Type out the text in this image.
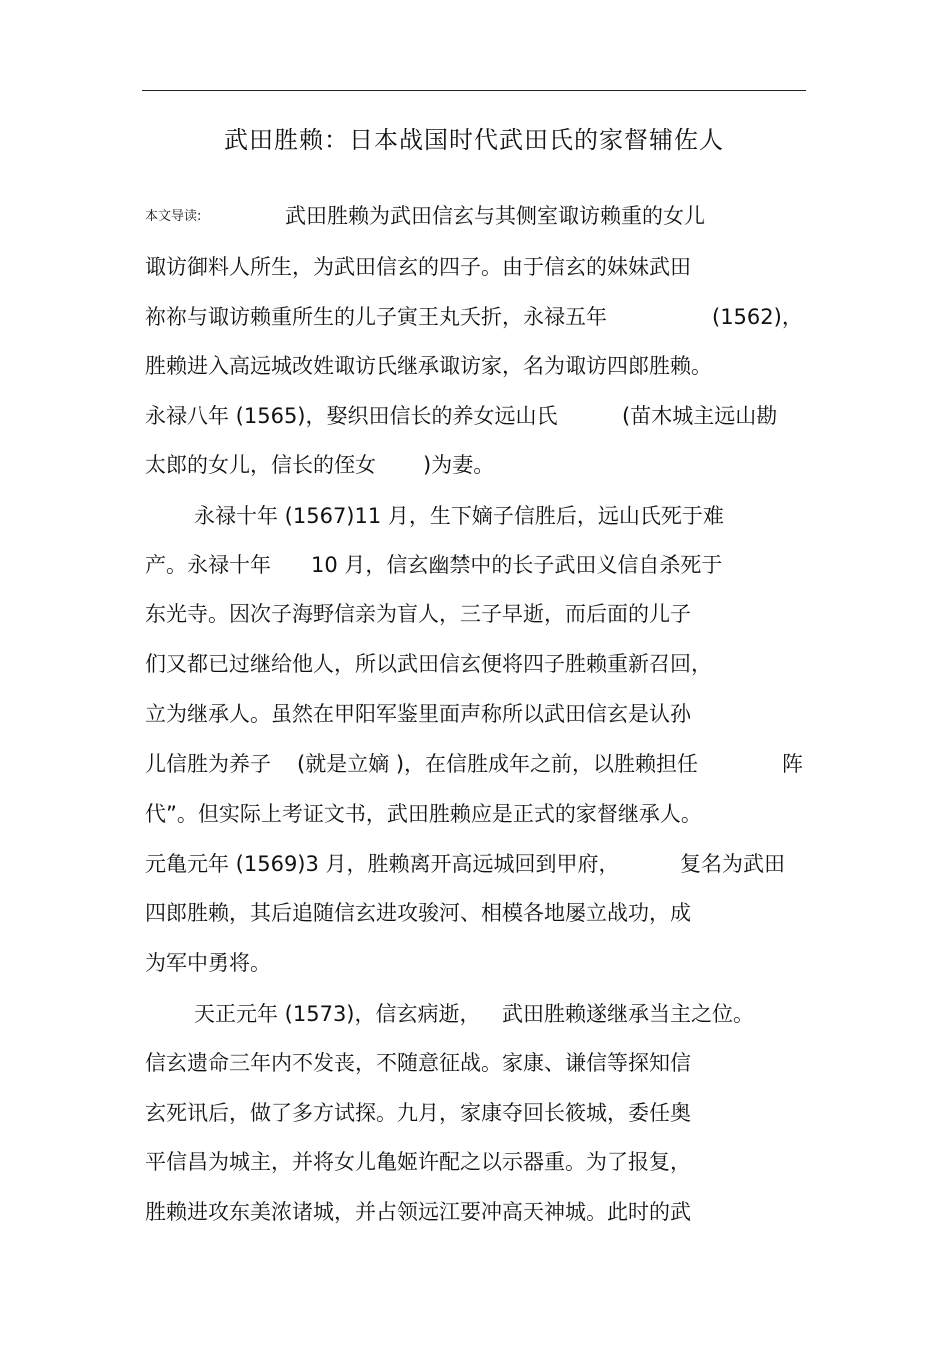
武田胜赖：日本战国时代武田氏的家督辅佐人
本文导读:	武田胜赖为武田信玄与其侧室诹访赖重的女儿
诹访御料人所生，为武田信玄的四子。由于信玄的妹妹武田
祢祢与诹访赖重所生的儿子寅王丸夭折，永禄五年	(1562)，
胜赖进入高远城改姓诹访氏继承诹访家，名为诹访四郎胜赖。
永禄八年 (1565)，娶织田信长的养女远山氏	(苗木城主远山勘
太郎的女儿，信长的侄女 )为妻。
永禄十年 (1567)11 月，生下嫡子信胜后，远山氏死于难
产。永禄十年 10 月，信玄幽禁中的长子武田义信自杀死于
东光寺。因次子海野信亲为盲人，三子早逝，而后面的儿子
们又都已过继给他人，所以武田信玄便将四子胜赖重新召回，
立为继承人。虽然在甲阳军鉴里面声称所以武田信玄是认孙
儿信胜为养子 (就是立嫡 )，在信胜成年之前，以胜赖担任	阵
代”。但实际上考证文书，武田胜赖应是正式的家督继承人。
元亀元年 (1569)3 月，胜赖离开高远城回到甲府，	复名为武田
四郎胜赖，其后追随信玄进攻骏河、相模各地屡立战功，成
为军中勇将。
天正元年 (1573)，信玄病逝， 武田胜赖遂继承当主之位。
信玄遗命三年内不发丧，不随意征战。家康、谦信等探知信
玄死讯后，做了多方试探。九月，家康夺回长筱城，委任奥
平信昌为城主，并将女儿亀姬许配之以示器重。为了报复，
胜赖进攻东美浓诸城，并占领远江要冲高天神城。此时的武
